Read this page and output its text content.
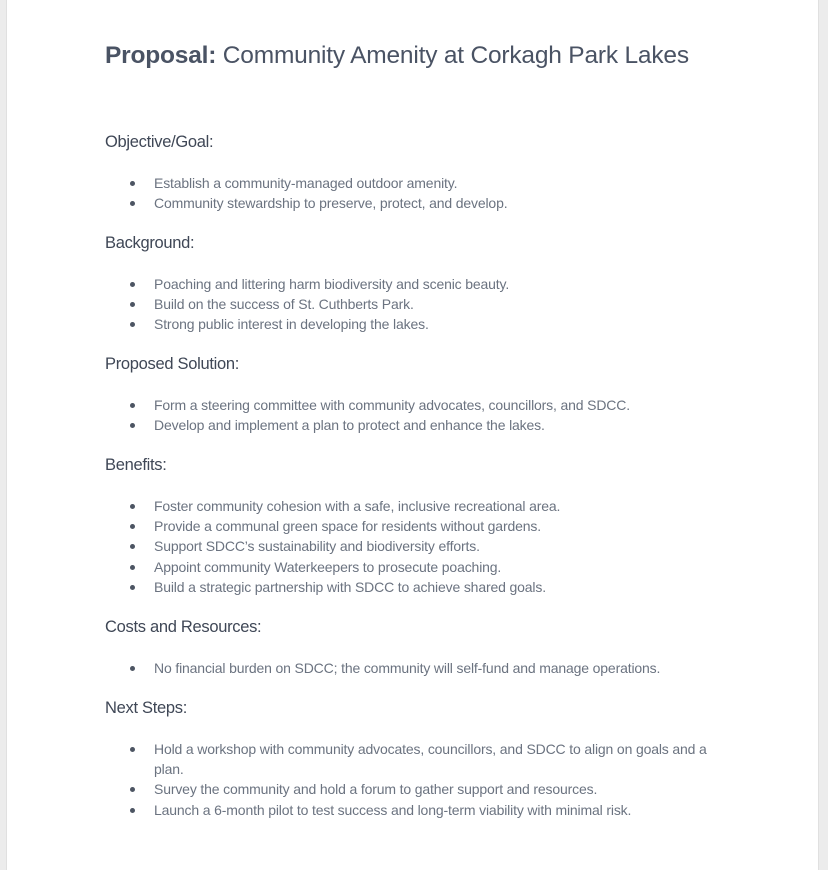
Proposal: Community Amenity at Corkagh Park Lakes
Objective/Goal:
Establish a community-managed outdoor amenity.
Community stewardship to preserve, protect, and develop.
Background:
Poaching and littering harm biodiversity and scenic beauty.
Build on the success of St. Cuthberts Park.
Strong public interest in developing the lakes.
Proposed Solution:
Form a steering committee with community advocates, councillors, and SDCC.
Develop and implement a plan to protect and enhance the lakes.
Benefits:
Foster community cohesion with a safe, inclusive recreational area.
Provide a communal green space for residents without gardens.
Support SDCC’s sustainability and biodiversity efforts.
Appoint community Waterkeepers to prosecute poaching.
Build a strategic partnership with SDCC to achieve shared goals.
Costs and Resources:
No financial burden on SDCC; the community will self-fund and manage operations.
Next Steps:
Hold a workshop with community advocates, councillors, and SDCC to align on goals and a plan.
Survey the community and hold a forum to gather support and resources.
Launch a 6-month pilot to test success and long-term viability with minimal risk.
